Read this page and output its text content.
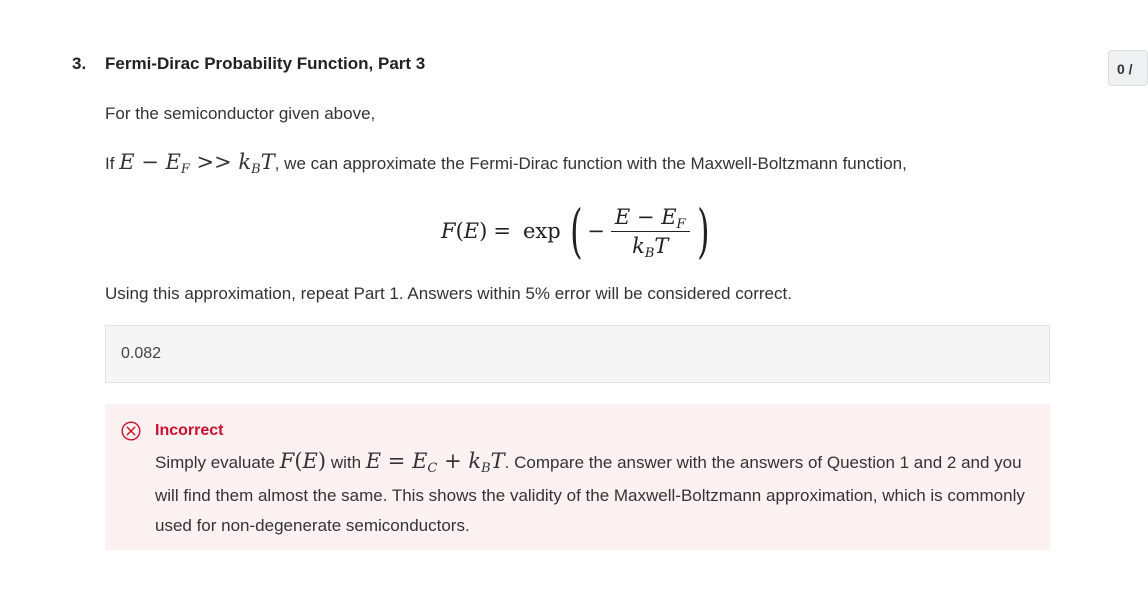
3. Fermi-Dirac Probability Function, Part 3	0 /
For the semiconductor given above,
If E − EF >> kBT, we can approximate the Fermi-Dirac function with the Maxwell-Boltzmann function,
F ( E ) = exp ( − $\frac{E - EF}{\text{kBT}}$ )
Using this approximation, repeat Part 1. Answers within 5% error will be considered correct.
0.082
Incorrect
Simply evaluate F(E) with E = EC + kBT. Compare the answer with the answers of Question 1 and 2 and you will find them almost the same. This shows the validity of the Maxwell-Boltzmann approximation, which is commonly used for non-degenerate semiconductors.
